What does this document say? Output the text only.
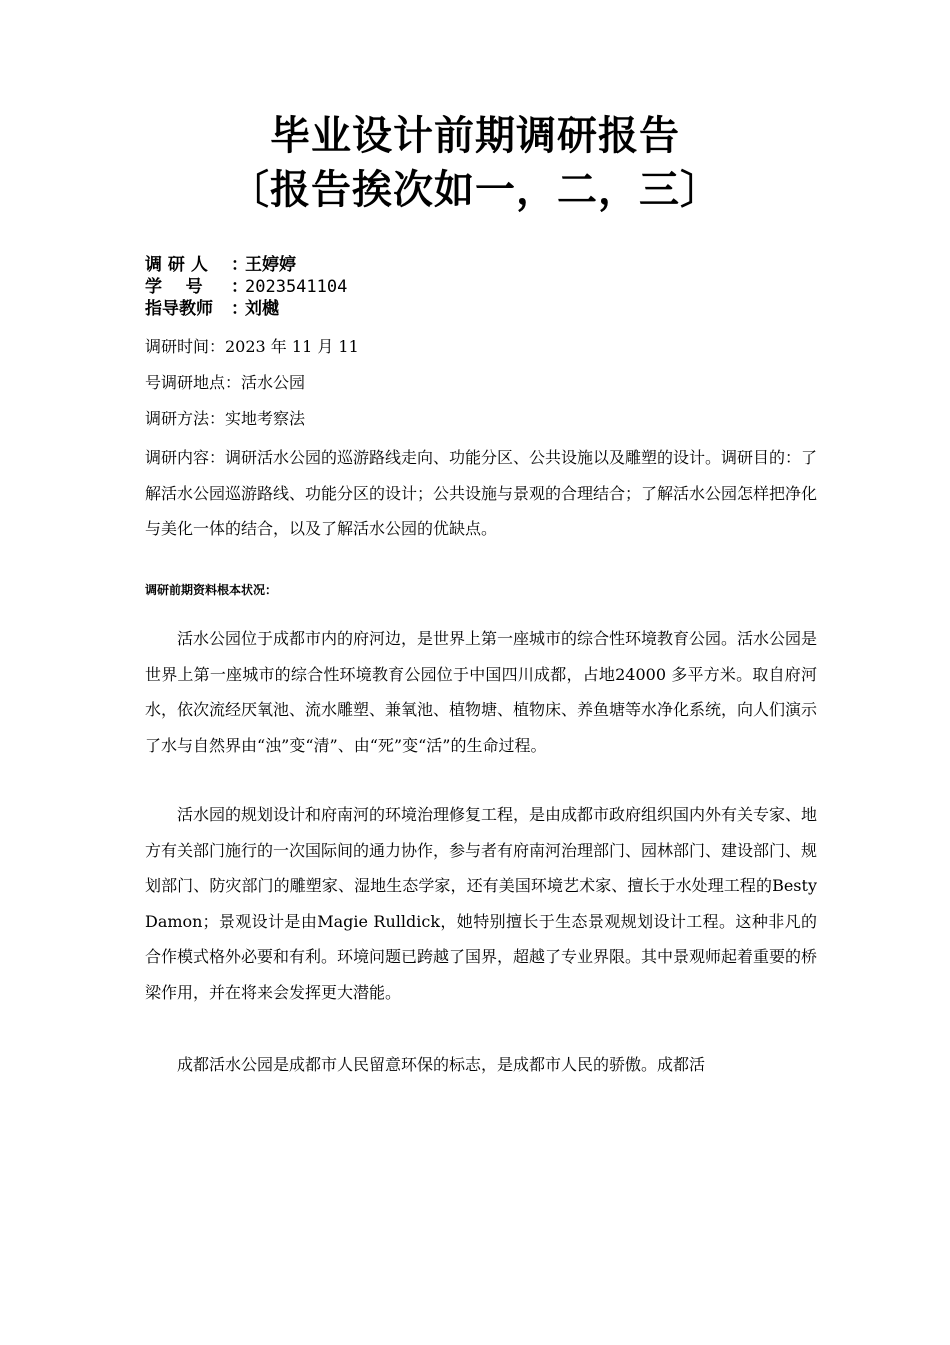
毕业设计前期调研报告
〔报告挨次如一，二，三〕
调 研 人 ：王婷婷
学    号 ：2023541104
指导教师 ：刘樾
调研时间：2023 年 11 月 11
号调研地点：活水公园
调研方法：实地考察法

调研内容：调研活水公园的巡游路线走向、功能分区、公共设施以及雕塑的设计。调研目的：了解活水公园巡游路线、功能分区的设计；公共设施与景观的合理结合；了解活水公园怎样把净化与美化一体的结合，以及了解活水公园的优缺点。

调研前期资料根本状况：

活水公园位于成都市内的府河边，是世界上第一座城市的综合性环境教育公园。活水公园是世界上第一座城市的综合性环境教育公园位于中国四川成都，占地24000 多平方米。取自府河水，依次流经厌氧池、流水雕塑、兼氧池、植物塘、植物床、养鱼塘等水净化系统，向人们演示了水与自然界由“浊”变“清”、由“死”变“活”的生命过程。

活水园的规划设计和府南河的环境治理修复工程，是由成都市政府组织国内外有关专家、地方有关部门施行的一次国际间的通力协作，参与者有府南河治理部门、园林部门、建设部门、规划部门、防灾部门的雕塑家、湿地生态学家，还有美国环境艺术家、擅长于水处理工程的Besty Damon；景观设计是由Magie Rulldick，她特别擅长于生态景观规划设计工程。这种非凡的合作模式格外必要和有利。环境问题已跨越了国界，超越了专业界限。其中景观师起着重要的桥梁作用，并在将来会发挥更大潜能。

成都活水公园是成都市人民留意环保的标志，是成都市人民的骄傲。成都活
